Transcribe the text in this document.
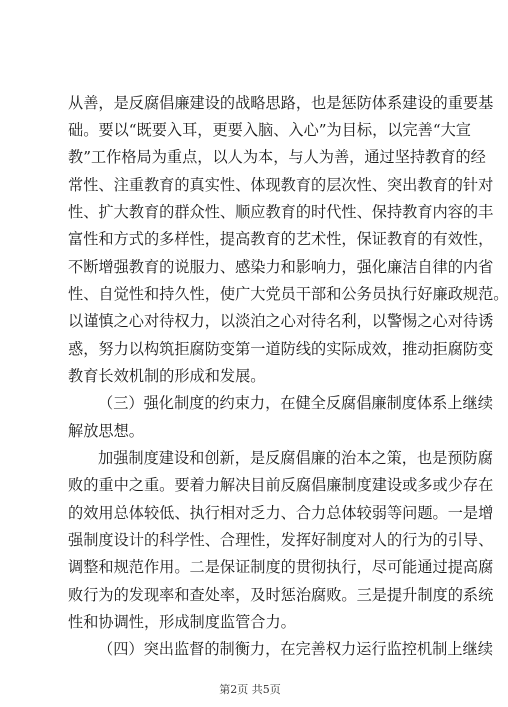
从善，是反腐倡廉建设的战略思路，也是惩防体系建设的重要基
础。要以“既要入耳，更要入脑、入心”为目标，以完善“大宣
教”工作格局为重点，以人为本，与人为善，通过坚持教育的经
常性、注重教育的真实性、体现教育的层次性、突出教育的针对
性、扩大教育的群众性、顺应教育的时代性、保持教育内容的丰
富性和方式的多样性，提高教育的艺术性，保证教育的有效性，
不断增强教育的说服力、感染力和影响力，强化廉洁自律的内省
性、自觉性和持久性，使广大党员干部和公务员执行好廉政规范。
以谨慎之心对待权力，以淡泊之心对待名利，以警惕之心对待诱
惑，努力以构筑拒腐防变第一道防线的实际成效，推动拒腐防变
教育长效机制的形成和发展。
（三）强化制度的约束力，在健全反腐倡廉制度体系上继续
解放思想。
加强制度建设和创新，是反腐倡廉的治本之策，也是预防腐
败的重中之重。要着力解决目前反腐倡廉制度建设或多或少存在
的效用总体较低、执行相对乏力、合力总体较弱等问题。一是增
强制度设计的科学性、合理性，发挥好制度对人的行为的引导、
调整和规范作用。二是保证制度的贯彻执行，尽可能通过提高腐
败行为的发现率和查处率，及时惩治腐败。三是提升制度的系统
性和协调性，形成制度监管合力。
（四）突出监督的制衡力，在完善权力运行监控机制上继续
第2页 共5页
